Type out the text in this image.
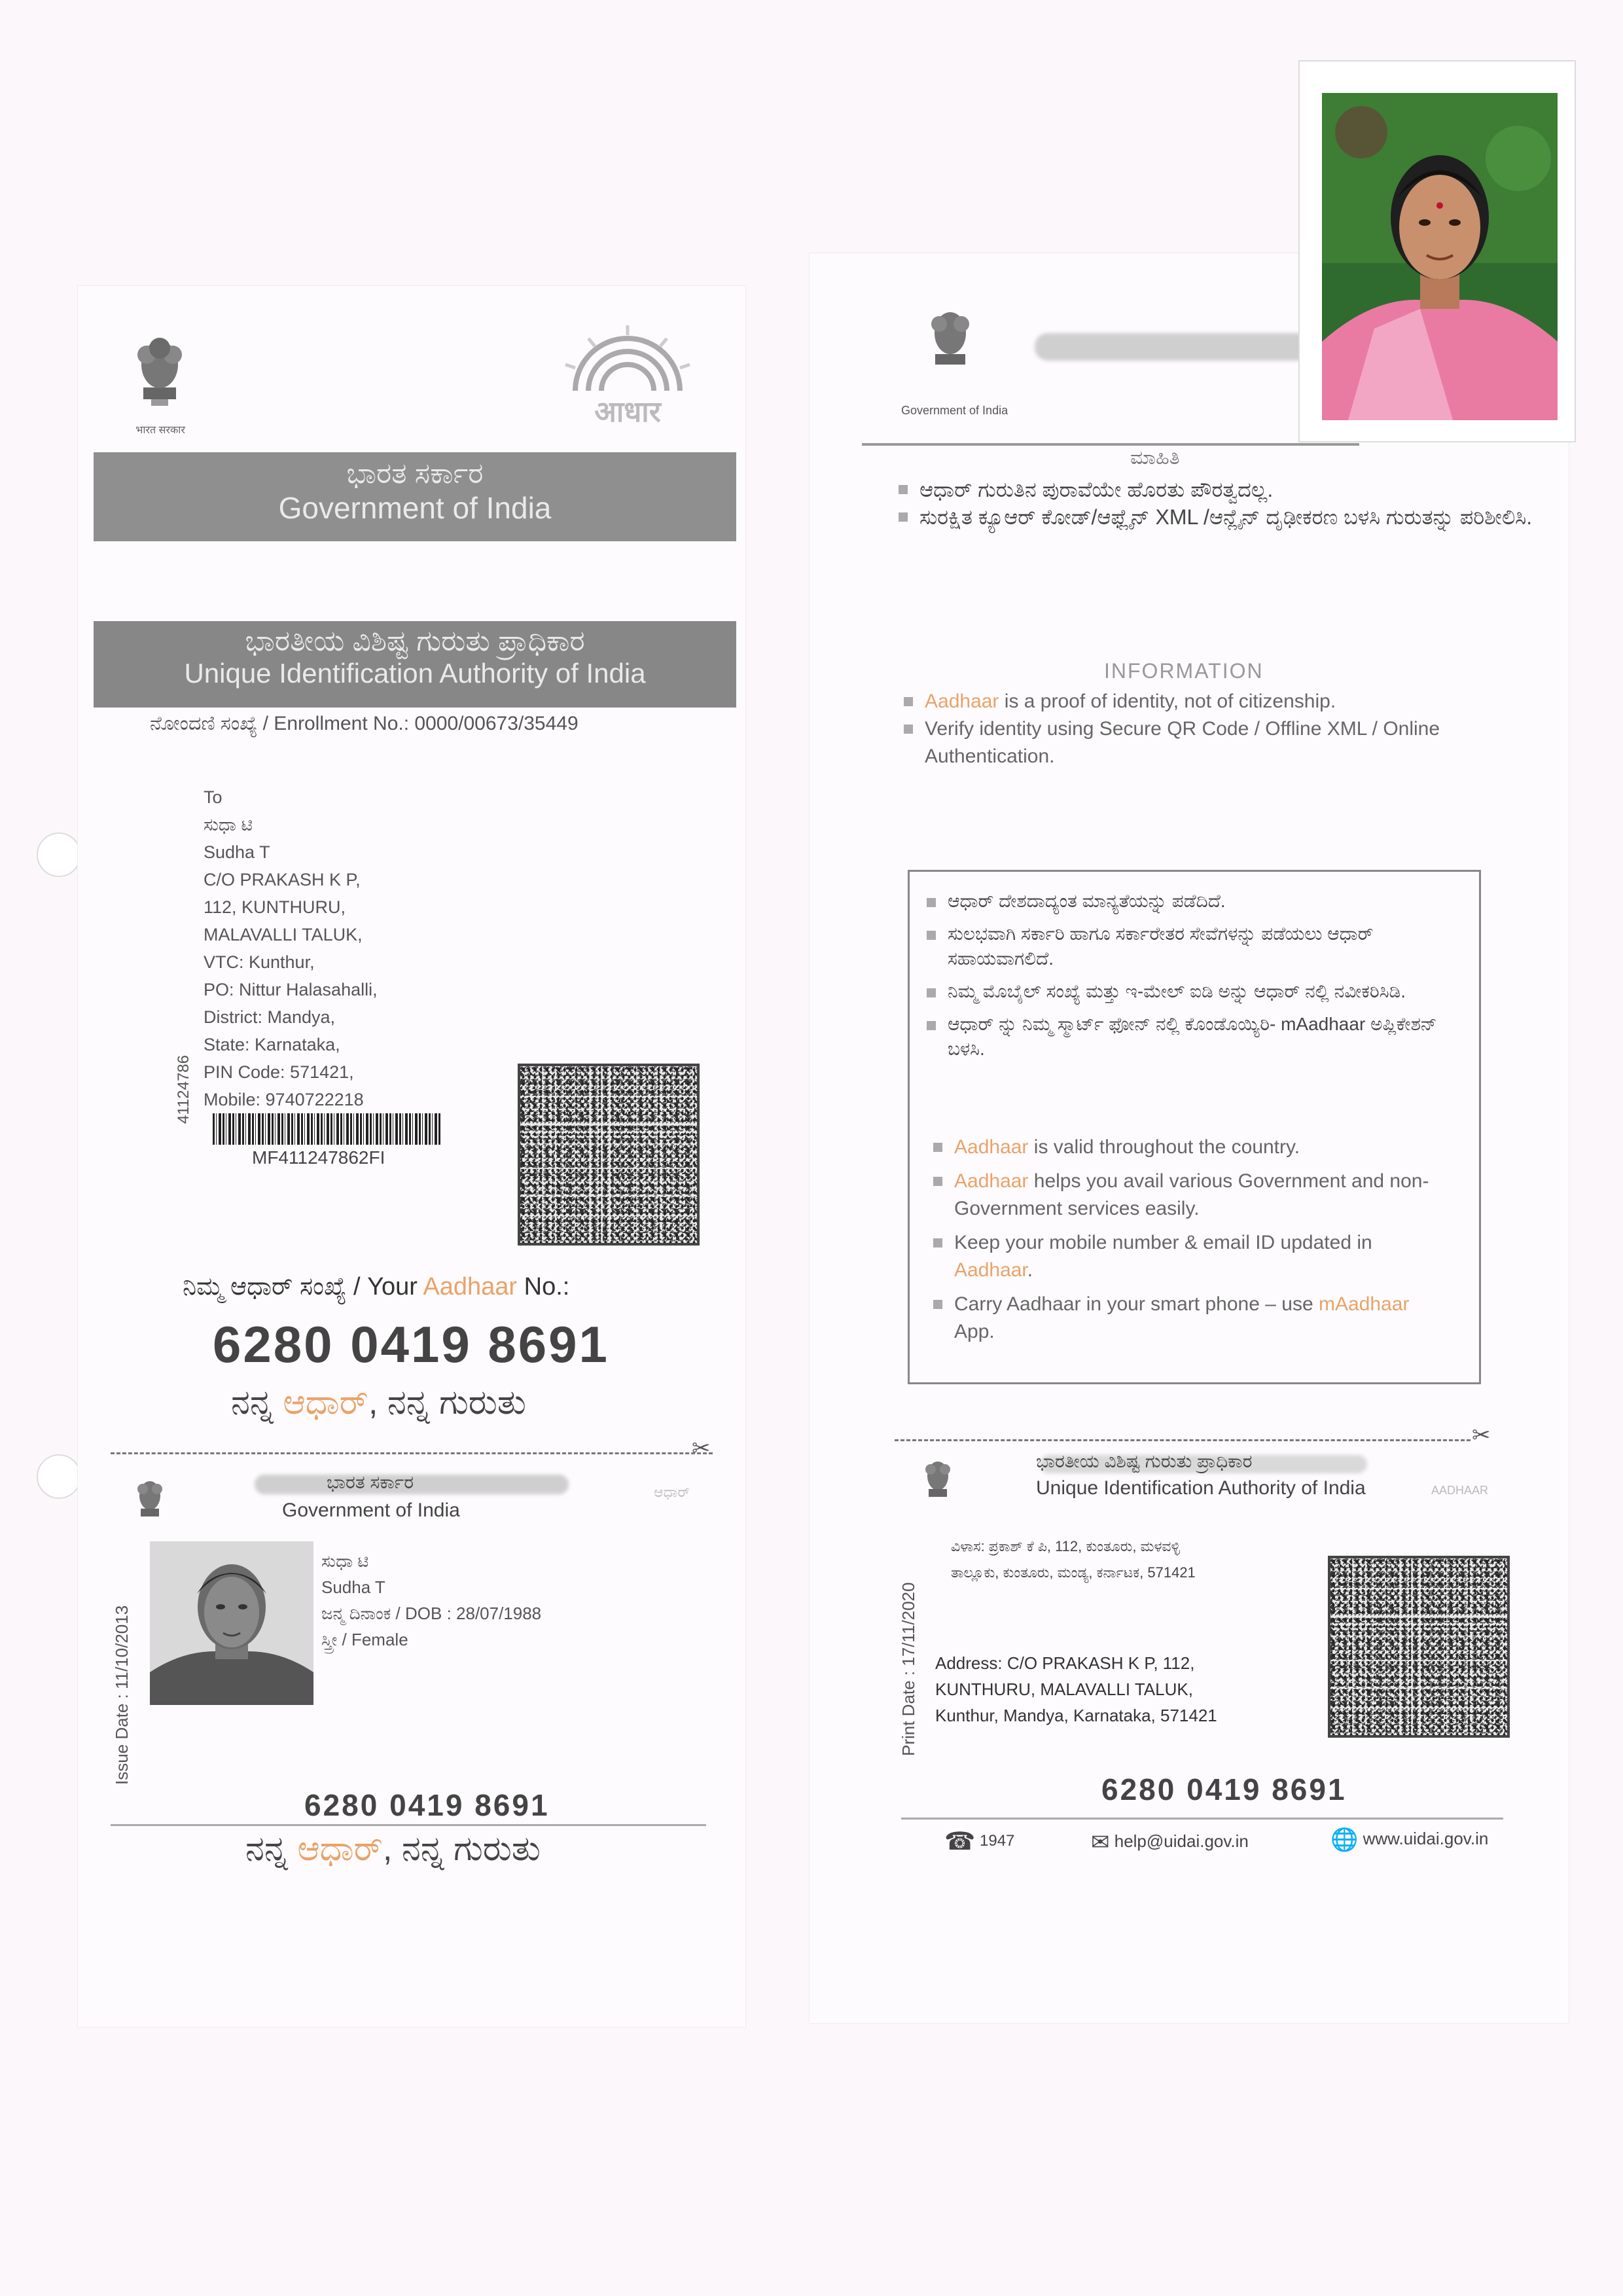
भारत सरकार
आधार
ಭಾರತ ಸರ್ಕಾರ
Government of India
ಭಾರತೀಯ ವಿಶಿಷ್ಟ ಗುರುತು ಪ್ರಾಧಿಕಾರ
Unique Identification Authority of India
ನೋಂದಣಿ ಸಂಖ್ಯೆ / Enrollment No.: 0000/00673/35449
To
ಸುಧಾ ಟಿ
Sudha T
C/O PRAKASH K P,
112, KUNTHURU,
MALAVALLI TALUK,
VTC: Kunthur,
PO: Nittur Halasahalli,
District: Mandya,
State: Karnataka,
PIN Code: 571421,
Mobile: 9740722218
41124786
MF411247862FI
ನಿಮ್ಮ ಆಧಾರ್ ಸಂಖ್ಯೆ / Your Aadhaar No.:
6280 0419 8691
ನನ್ನ ಆಧಾರ್, ನನ್ನ ಗುರುತು
✂
ಭಾರತ ಸರ್ಕಾರ
Government of India
ಆಧಾರ್
Issue Date : 11/10/2013
ಸುಧಾ ಟಿ
Sudha T
ಜನ್ಮ ದಿನಾಂಕ / DOB : 28/07/1988
ಸ್ತ್ರೀ / Female
6280 0419 8691
ನನ್ನ ಆಧಾರ್, ನನ್ನ ಗುರುತು
Government of India
ಮಾಹಿತಿ
ಆಧಾರ್ ಗುರುತಿನ ಪುರಾವೆಯೇ ಹೊರತು ಪೌರತ್ವದಲ್ಲ.
ಸುರಕ್ಷಿತ ಕ್ಯೂಆರ್ ಕೋಡ್/ಆಫ್ಲೈನ್ XML /ಆನ್ಲೈನ್ ದೃಢೀಕರಣ ಬಳಸಿ ಗುರುತನ್ನು ಪರಿಶೀಲಿಸಿ.
INFORMATION
Aadhaar is a proof of identity, not of citizenship.
Verify identity using Secure QR Code / Offline XML / Online Authentication.
ಆಧಾರ್ ದೇಶದಾದ್ಯಂತ ಮಾನ್ಯತೆಯನ್ನು ಪಡೆದಿದೆ.
ಸುಲಭವಾಗಿ ಸರ್ಕಾರಿ ಹಾಗೂ ಸರ್ಕಾರೇತರ ಸೇವೆಗಳನ್ನು ಪಡೆಯಲು ಆಧಾರ್ ಸಹಾಯವಾಗಲಿದೆ.
ನಿಮ್ಮ ಮೊಬೈಲ್ ಸಂಖ್ಯೆ ಮತ್ತು ಇ-ಮೇಲ್ ಐಡಿ ಅನ್ನು ಆಧಾರ್ ನಲ್ಲಿ ನವೀಕರಿಸಿಡಿ.
ಆಧಾರ್ ನ್ನು ನಿಮ್ಮ ಸ್ಮಾರ್ಟ್ ಫೋನ್ ನಲ್ಲಿ ಕೊಂಡೊಯ್ಯಿರಿ- mAadhaar ಅಪ್ಲಿಕೇಶನ್ ಬಳಸಿ.
Aadhaar is valid throughout the country.
Aadhaar helps you avail various Government and non-Government services easily.
Keep your mobile number & email ID updated in Aadhaar.
Carry Aadhaar in your smart phone – use mAadhaar App.
✂
ಭಾರತೀಯ ವಿಶಿಷ್ಟ ಗುರುತು ಪ್ರಾಧಿಕಾರ
Unique Identification Authority of India	AADHAAR
Print Date : 17/11/2020
ವಿಳಾಸ: ಪ್ರಕಾಶ್ ಕೆ ಪಿ, 112, ಕುಂತೂರು, ಮಳವಳ್ಳಿ
ತಾಲ್ಲೂಕು, ಕುಂತೂರು, ಮಂಡ್ಯ, ಕರ್ನಾಟಕ, 571421
Address: C/O PRAKASH K P, 112,
KUNTHURU, MALAVALLI TALUK,
Kunthur, Mandya, Karnataka, 571421
6280 0419 8691
☎ 1947	✉ help@uidai.gov.in	🌐 www.uidai.gov.in
